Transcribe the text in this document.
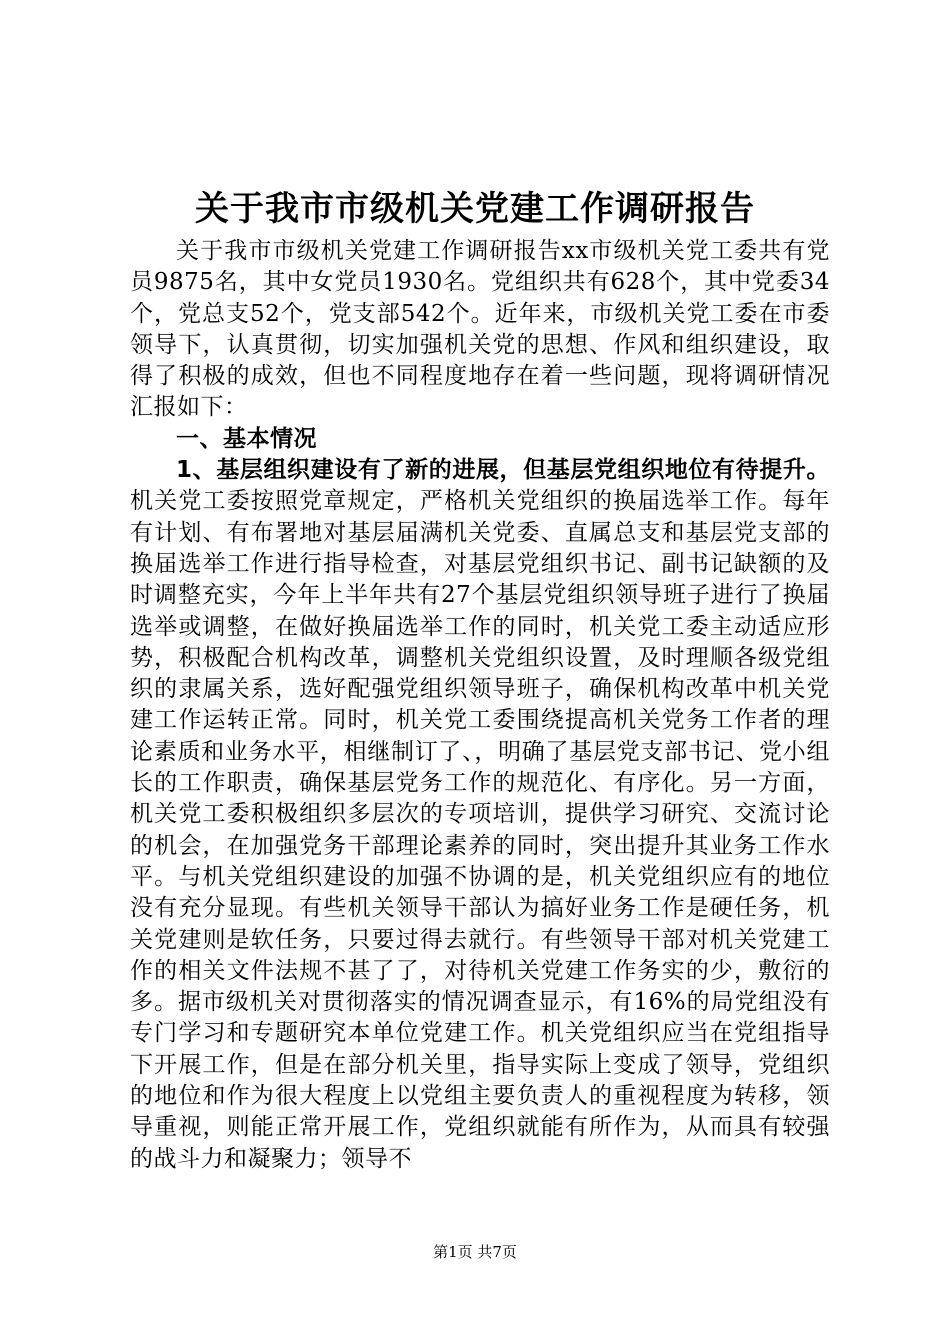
关于我市市级机关党建工作调研报告

关于我市市级机关党建工作调研报告xx市级机关党工委共有党员9875名，其中女党员1930名。党组织共有628个，其中党委34个，党总支52个，党支部542个。近年来，市级机关党工委在市委领导下，认真贯彻，切实加强机关党的思想、作风和组织建设，取得了积极的成效，但也不同程度地存在着一些问题，现将调研情况汇报如下：

一、基本情况

1、基层组织建设有了新的进展，但基层党组织地位有待提升。机关党工委按照党章规定，严格机关党组织的换届选举工作。每年有计划、有布署地对基层届满机关党委、直属总支和基层党支部的换届选举工作进行指导检查，对基层党组织书记、副书记缺额的及时调整充实，今年上半年共有27个基层党组织领导班子进行了换届选举或调整，在做好换届选举工作的同时，机关党工委主动适应形势，积极配合机构改革，调整机关党组织设置，及时理顺各级党组织的隶属关系，选好配强党组织领导班子，确保机构改革中机关党建工作运转正常。同时，机关党工委围绕提高机关党务工作者的理论素质和业务水平，相继制订了、，明确了基层党支部书记、党小组长的工作职责，确保基层党务工作的规范化、有序化。另一方面，机关党工委积极组织多层次的专项培训，提供学习研究、交流讨论的机会，在加强党务干部理论素养的同时，突出提升其业务工作水平。与机关党组织建设的加强不协调的是，机关党组织应有的地位没有充分显现。有些机关领导干部认为搞好业务工作是硬任务，机关党建则是软任务，只要过得去就行。有些领导干部对机关党建工作的相关文件法规不甚了了，对待机关党建工作务实的少，敷衍的多。据市级机关对贯彻落实的情况调查显示，有16%的局党组没有专门学习和专题研究本单位党建工作。机关党组织应当在党组指导下开展工作，但是在部分机关里，指导实际上变成了领导，党组织的地位和作为很大程度上以党组主要负责人的重视程度为转移，领导重视，则能正常开展工作，党组织就能有所作为，从而具有较强的战斗力和凝聚力；领导不

第1页 共7页
